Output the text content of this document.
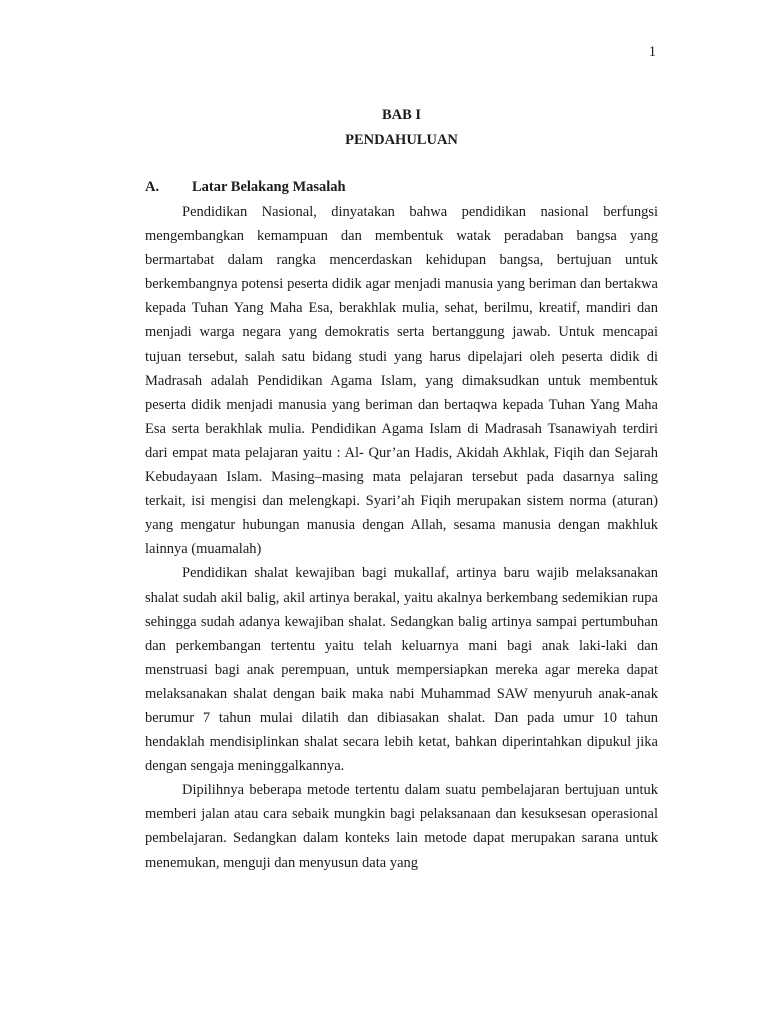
1
BAB I
PENDAHULUAN
A. Latar Belakang Masalah

Pendidikan Nasional, dinyatakan bahwa pendidikan nasional berfungsi mengembangkan kemampuan dan membentuk watak peradaban bangsa yang bermartabat dalam rangka mencerdaskan kehidupan bangsa, bertujuan untuk berkembangnya potensi peserta didik agar menjadi manusia yang beriman dan bertakwa kepada Tuhan Yang Maha Esa, berakhlak mulia, sehat, berilmu, kreatif, mandiri dan menjadi warga negara yang demokratis serta bertanggung jawab. Untuk mencapai tujuan tersebut, salah satu bidang studi yang harus dipelajari oleh peserta didik di Madrasah adalah Pendidikan Agama Islam, yang dimaksudkan untuk membentuk peserta didik menjadi manusia yang beriman dan bertaqwa kepada Tuhan Yang Maha Esa serta berakhlak mulia. Pendidikan Agama Islam di Madrasah Tsanawiyah terdiri dari empat mata pelajaran yaitu : Al- Qur’an Hadis, Akidah Akhlak, Fiqih dan Sejarah Kebudayaan Islam. Masing–masing mata pelajaran tersebut pada dasarnya saling terkait, isi mengisi dan melengkapi. Syari’ah Fiqih merupakan sistem norma (aturan) yang mengatur hubungan manusia dengan Allah, sesama manusia dengan makhluk lainnya (muamalah)

Pendidikan shalat kewajiban bagi mukallaf, artinya baru wajib melaksanakan shalat sudah akil balig, akil artinya berakal, yaitu akalnya berkembang sedemikian rupa sehingga sudah adanya kewajiban shalat. Sedangkan balig artinya sampai pertumbuhan dan perkembangan tertentu yaitu telah keluarnya mani bagi anak laki-laki dan menstruasi bagi anak perempuan, untuk mempersiapkan mereka agar mereka dapat melaksanakan shalat dengan baik maka nabi Muhammad SAW menyuruh anak-anak berumur 7 tahun mulai dilatih dan dibiasakan shalat. Dan pada umur 10 tahun hendaklah mendisiplinkan shalat secara lebih ketat, bahkan diperintahkan dipukul jika dengan sengaja meninggalkannya.

Dipilihnya beberapa metode tertentu dalam suatu pembelajaran bertujuan untuk memberi jalan atau cara sebaik mungkin bagi pelaksanaan dan kesuksesan operasional pembelajaran. Sedangkan dalam konteks lain metode dapat merupakan sarana untuk menemukan, menguji dan menyusun data yang
